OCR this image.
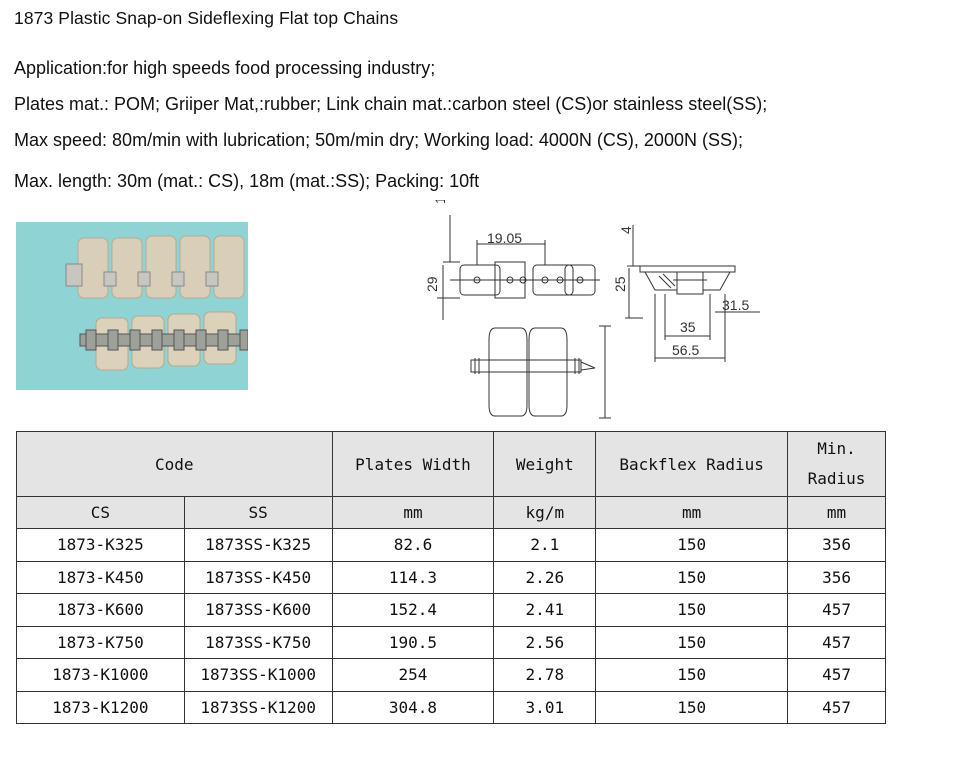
1873 Plastic Snap-on Sideflexing Flat top Chains
Application:for high speeds food processing industry;
Plates mat.: POM; Griiper Mat,:rubber; Link chain mat.:carbon steel (CS)or stainless steel(SS);
Max speed: 80m/min with lubrication; 50m/min dry; Working load: 4000N (CS), 2000N (SS);
Max. length: 30m (mat.: CS), 18m (mat.:SS); Packing: 10ft
19.05
29
4
25
31.5
35
56.5
Code		Plates Width	Weight	Backflex Radius	Min.
Radius

CS	SS	mm	kg/m	mm	mm
1873-K325	1873SS-K325	82.6	2.1	150	356
1873-K450	1873SS-K450	114.3	2.26	150	356
1873-K600	1873SS-K600	152.4	2.41	150	457
1873-K750	1873SS-K750	190.5	2.56	150	457
1873-K1000	1873SS-K1000	254	2.78	150	457
1873-K1200	1873SS-K1200	304.8	3.01	150	457
